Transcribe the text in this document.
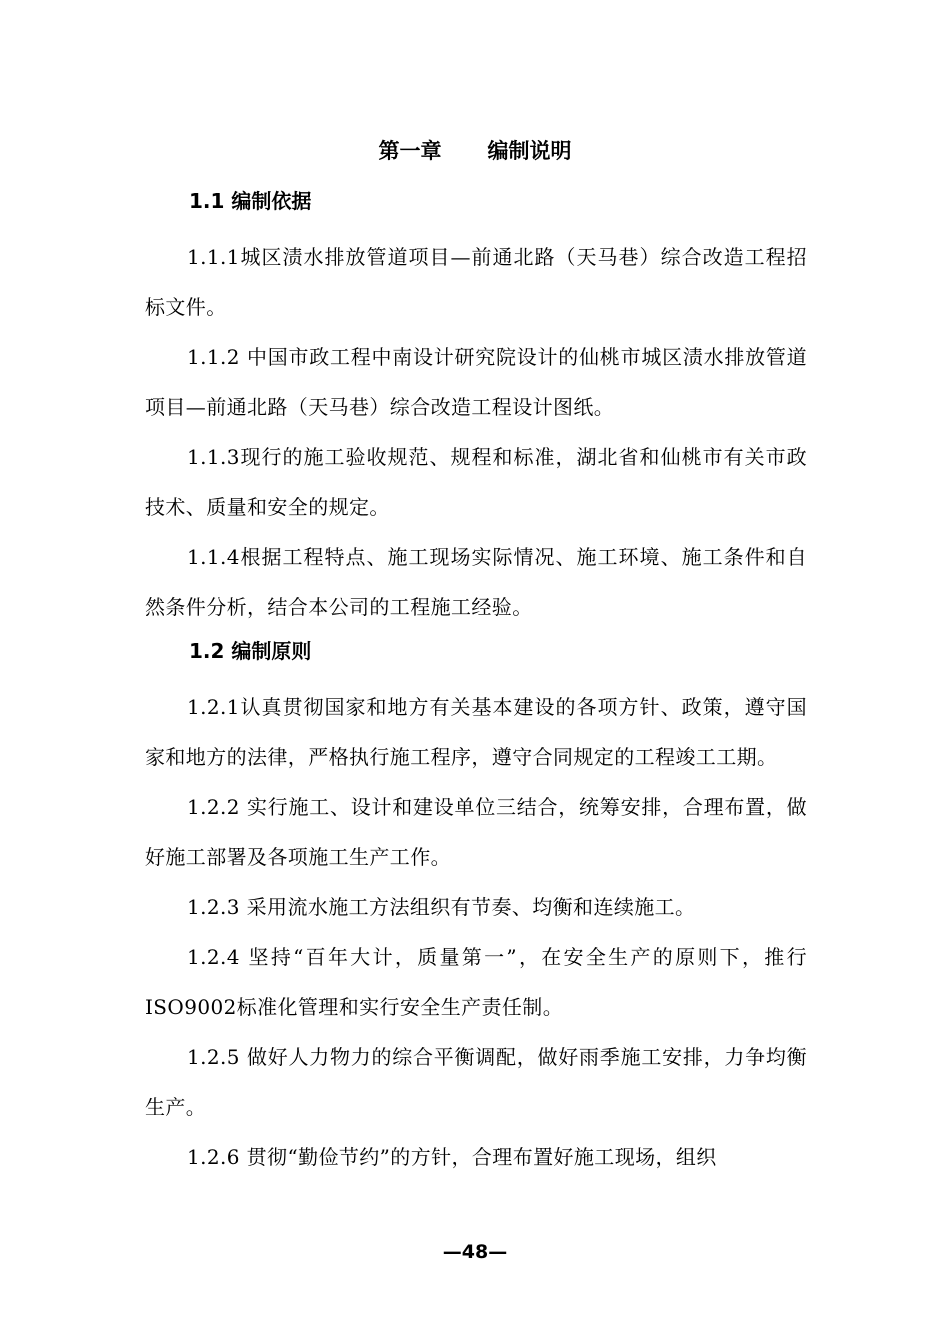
第一章 编制说明
1.1 编制依据

1.1.1城区渍水排放管道项目—前通北路（天马巷）综合改造工程招标文件。

1.1.2 中国市政工程中南设计研究院设计的仙桃市城区渍水排放管道项目—前通北路（天马巷）综合改造工程设计图纸。

1.1.3现行的施工验收规范、规程和标准，湖北省和仙桃市有关市政技术、质量和安全的规定。

1.1.4根据工程特点、施工现场实际情况、施工环境、施工条件和自然条件分析，结合本公司的工程施工经验。

1.2 编制原则

1.2.1认真贯彻国家和地方有关基本建设的各项方针、政策，遵守国家和地方的法律，严格执行施工程序，遵守合同规定的工程竣工工期。

1.2.2 实行施工、设计和建设单位三结合，统筹安排，合理布置，做好施工部署及各项施工生产工作。

1.2.3 采用流水施工方法组织有节奏、均衡和连续施工。

1.2.4 坚持“百年大计，质量第一”，在安全生产的原则下，推行ISO9002标准化管理和实行安全生产责任制。

1.2.5 做好人力物力的综合平衡调配，做好雨季施工安排，力争均衡生产。

1.2.6 贯彻“勤俭节约”的方针，合理布置好施工现场，组织

—48—
